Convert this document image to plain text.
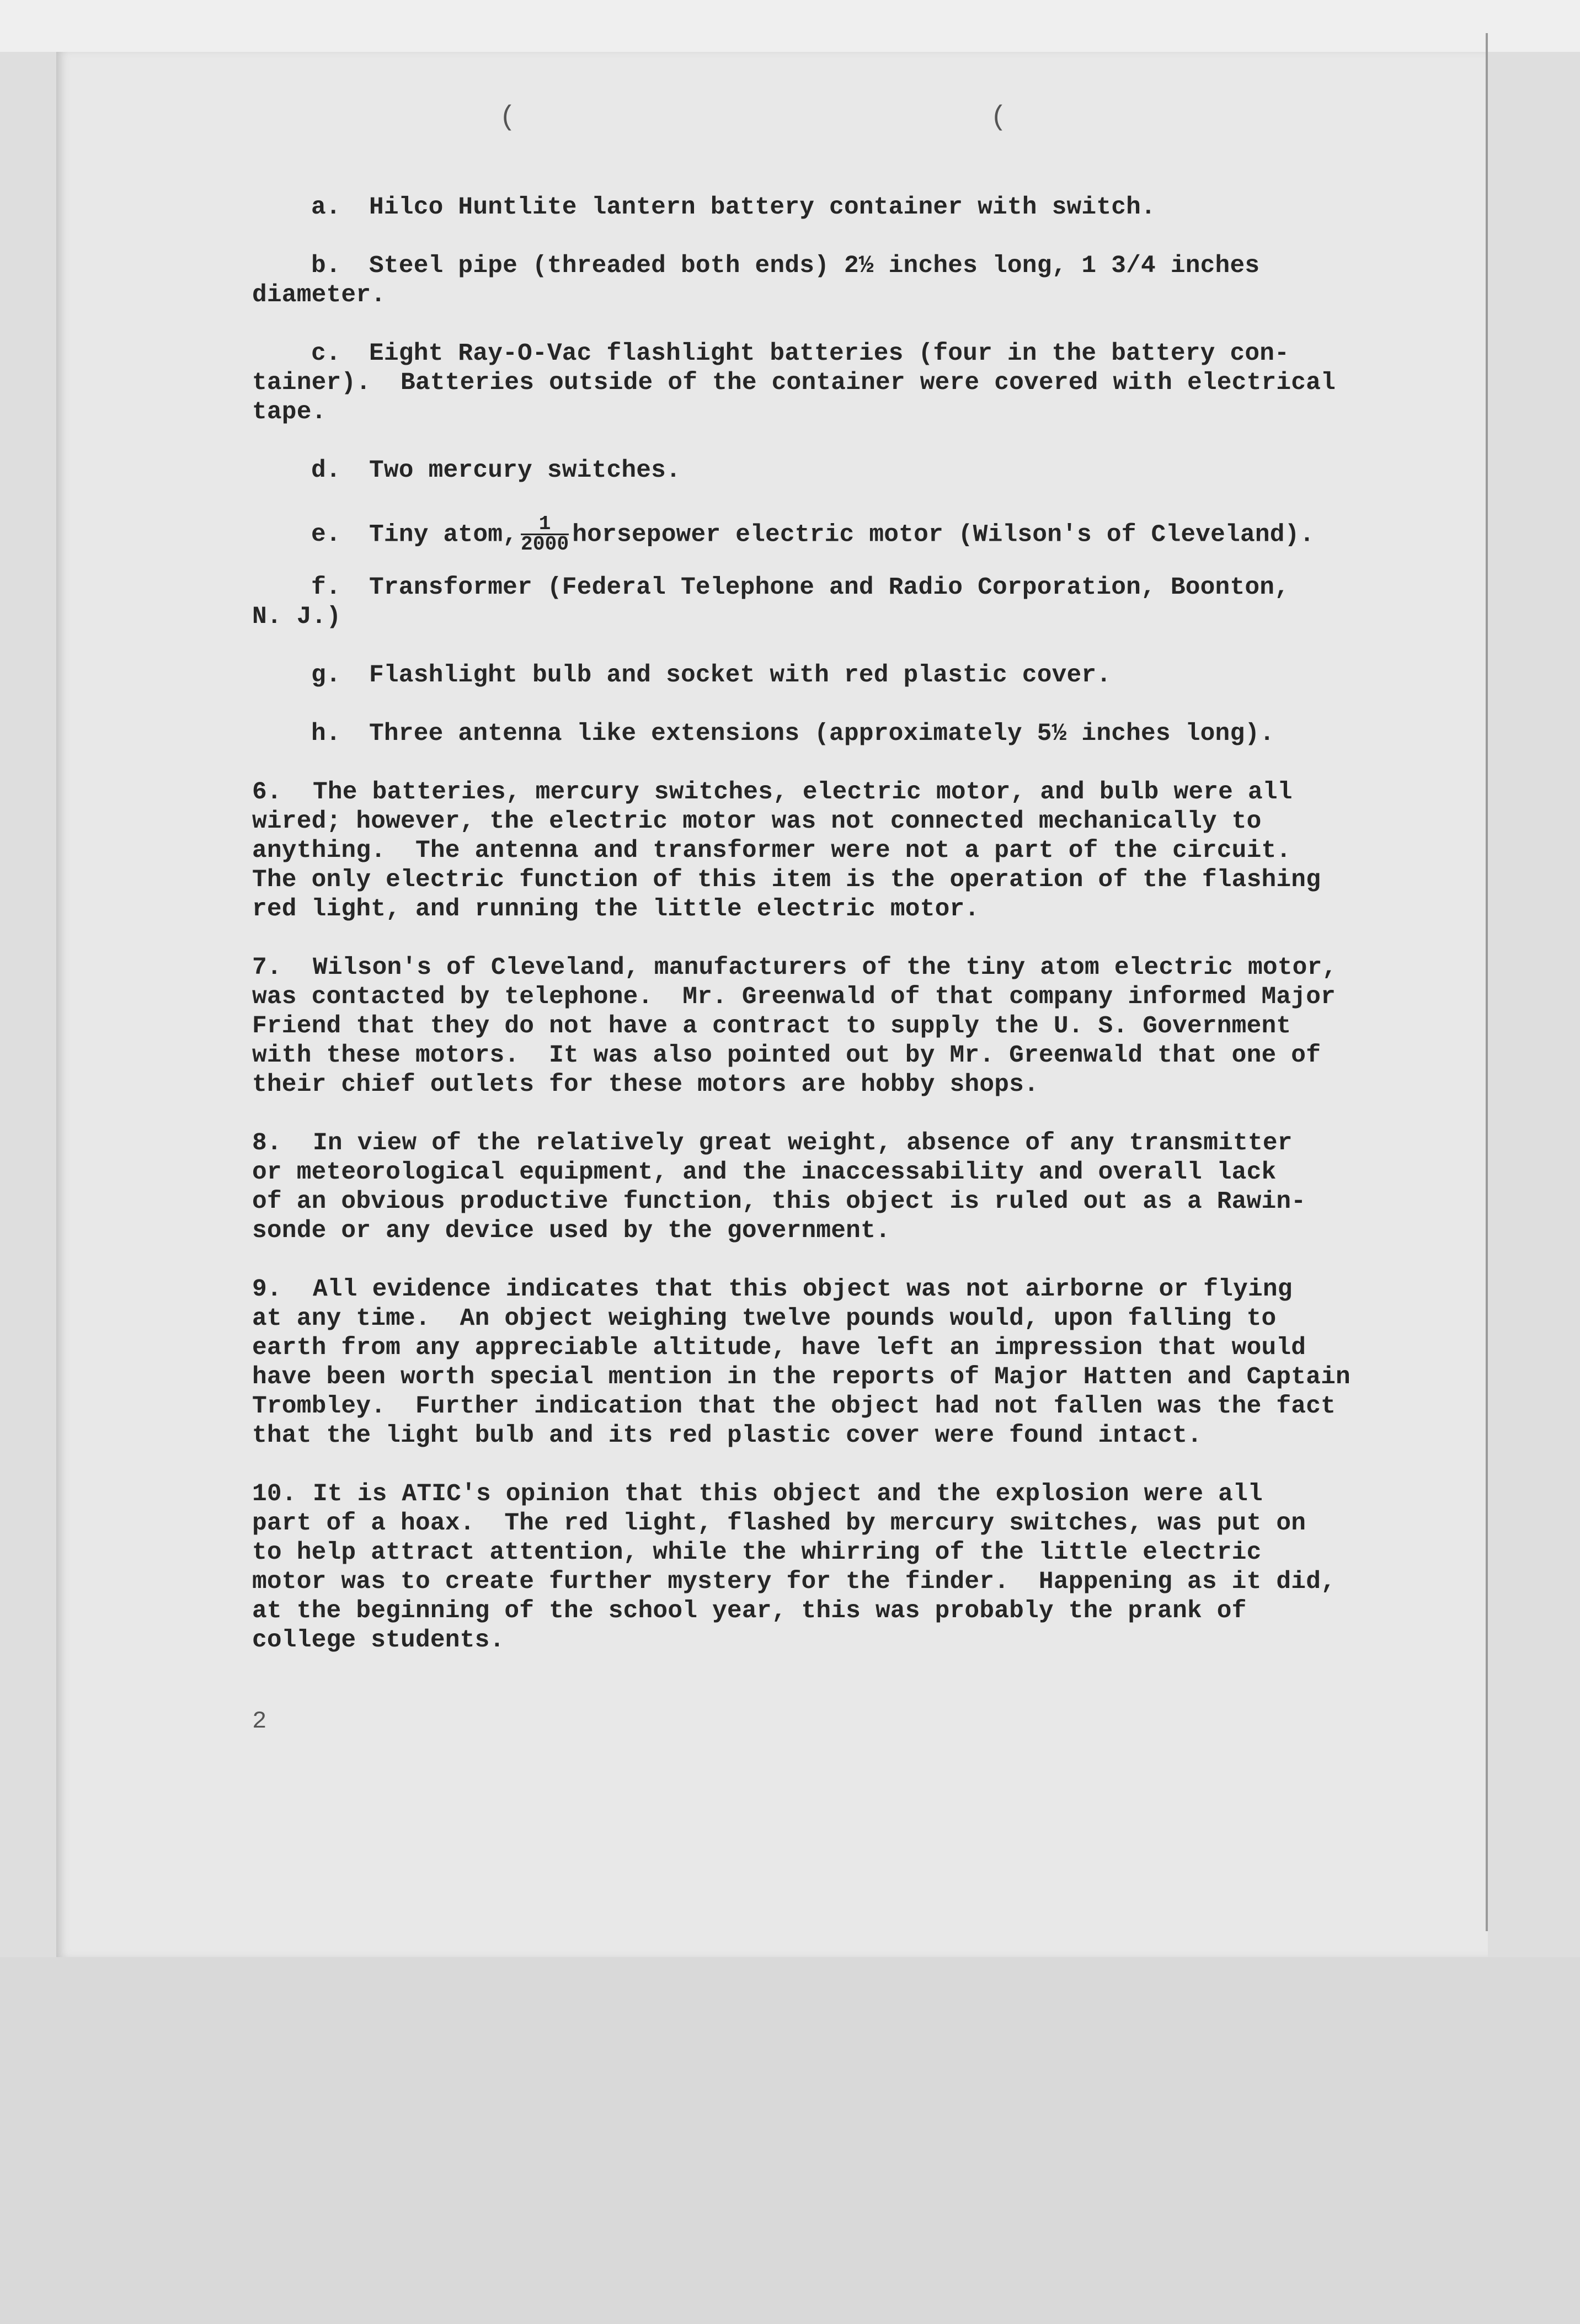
(	(
a. Hilco Huntlite lantern battery container with switch.
b. Steel pipe (threaded both ends) 2½ inches long, 1 3/4 inches
diameter.
c. Eight Ray-O-Vac flashlight batteries (four in the battery con-
tainer).  Batteries outside of the container were covered with electrical
tape.
d. Two mercury switches.
e. Tiny atom, $\frac{1}{2000}$ horsepower electric motor (Wilson's of Cleveland).
f. Transformer (Federal Telephone and Radio Corporation, Boonton,
N. J.)
g. Flashlight bulb and socket with red plastic cover.
h. Three antenna like extensions (approximately 5½ inches long).
6. The batteries, mercury switches, electric motor, and bulb were all
wired; however, the electric motor was not connected mechanically to
anything.  The antenna and transformer were not a part of the circuit.
The only electric function of this item is the operation of the flashing
red light, and running the little electric motor.
7. Wilson's of Cleveland, manufacturers of the tiny atom electric motor,
was contacted by telephone.  Mr. Greenwald of that company informed Major
Friend that they do not have a contract to supply the U. S. Government
with these motors.  It was also pointed out by Mr. Greenwald that one of
their chief outlets for these motors are hobby shops.
8. In view of the relatively great weight, absence of any transmitter
or meteorological equipment, and the inaccessability and overall lack
of an obvious productive function, this object is ruled out as a Rawin-
sonde or any device used by the government.
9. All evidence indicates that this object was not airborne or flying
at any time.  An object weighing twelve pounds would, upon falling to
earth from any appreciable altitude, have left an impression that would
have been worth special mention in the reports of Major Hatten and Captain
Trombley.  Further indication that the object had not fallen was the fact
that the light bulb and its red plastic cover were found intact.
10. It is ATIC's opinion that this object and the explosion were all
part of a hoax.  The red light, flashed by mercury switches, was put on
to help attract attention, while the whirring of the little electric
motor was to create further mystery for the finder.  Happening as it did,
at the beginning of the school year, this was probably the prank of
college students.
2
